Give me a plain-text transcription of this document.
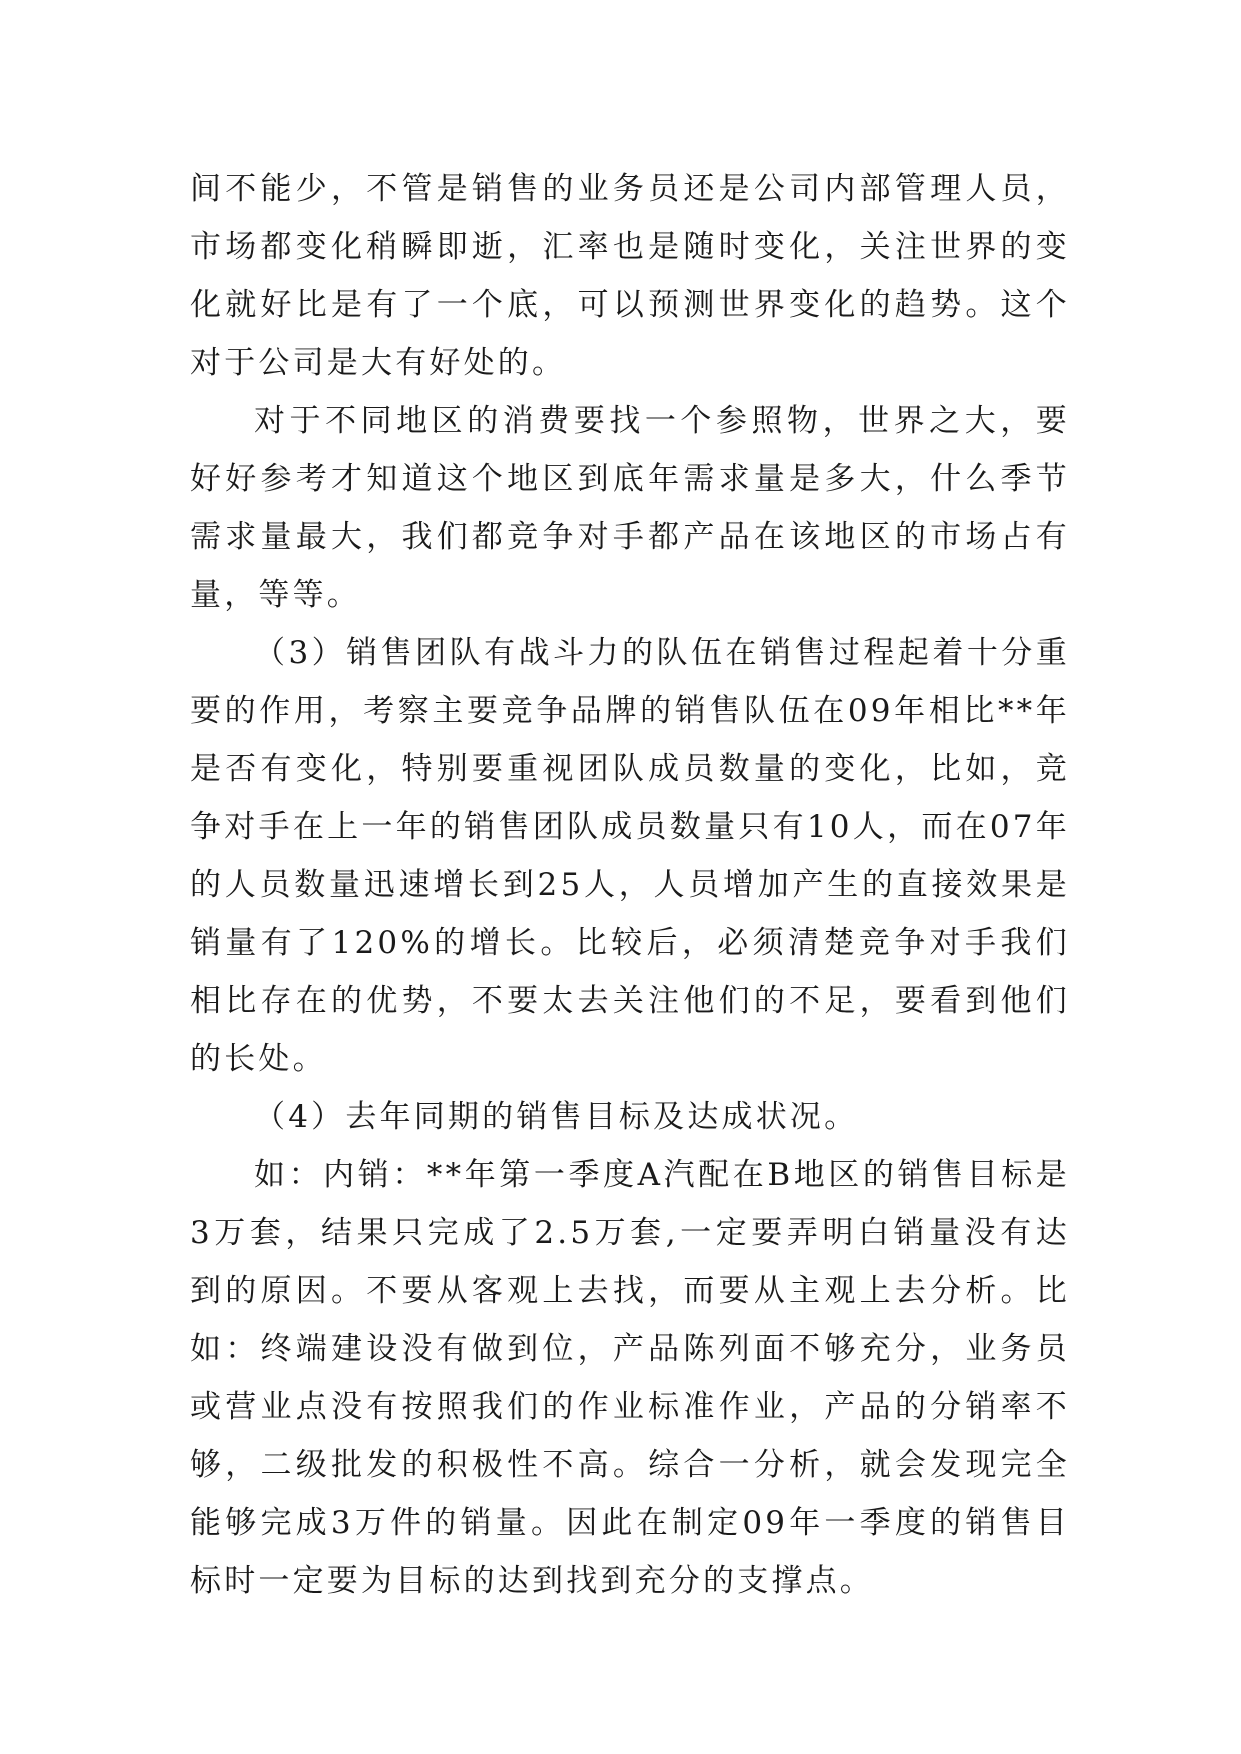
间不能少，不管是销售的业务员还是公司内部管理人员，市场都变化稍瞬即逝，汇率也是随时变化，关注世界的变化就好比是有了一个底，可以预测世界变化的趋势。这个对于公司是大有好处的。

对于不同地区的消费要找一个参照物，世界之大，要好好参考才知道这个地区到底年需求量是多大，什么季节需求量最大，我们都竞争对手都产品在该地区的市场占有量，等等。

（3）销售团队有战斗力的队伍在销售过程起着十分重要的作用，考察主要竞争品牌的销售队伍在09年相比**年是否有变化，特别要重视团队成员数量的变化，比如，竞争对手在上一年的销售团队成员数量只有10人，而在07年的人员数量迅速增长到25人，人员增加产生的直接效果是销量有了120%的增长。比较后，必须清楚竞争对手我们相比存在的优势，不要太去关注他们的不足，要看到他们的长处。

（4）去年同期的销售目标及达成状况。

如：内销：**年第一季度A汽配在B地区的销售目标是3万套，结果只完成了2.5万套,一定要弄明白销量没有达到的原因。不要从客观上去找，而要从主观上去分析。比如：终端建设没有做到位，产品陈列面不够充分，业务员或营业点没有按照我们的作业标准作业，产品的分销率不够，二级批发的积极性不高。综合一分析，就会发现完全能够完成3万件的销量。因此在制定09年一季度的销售目标时一定要为目标的达到找到充分的支撑点。
